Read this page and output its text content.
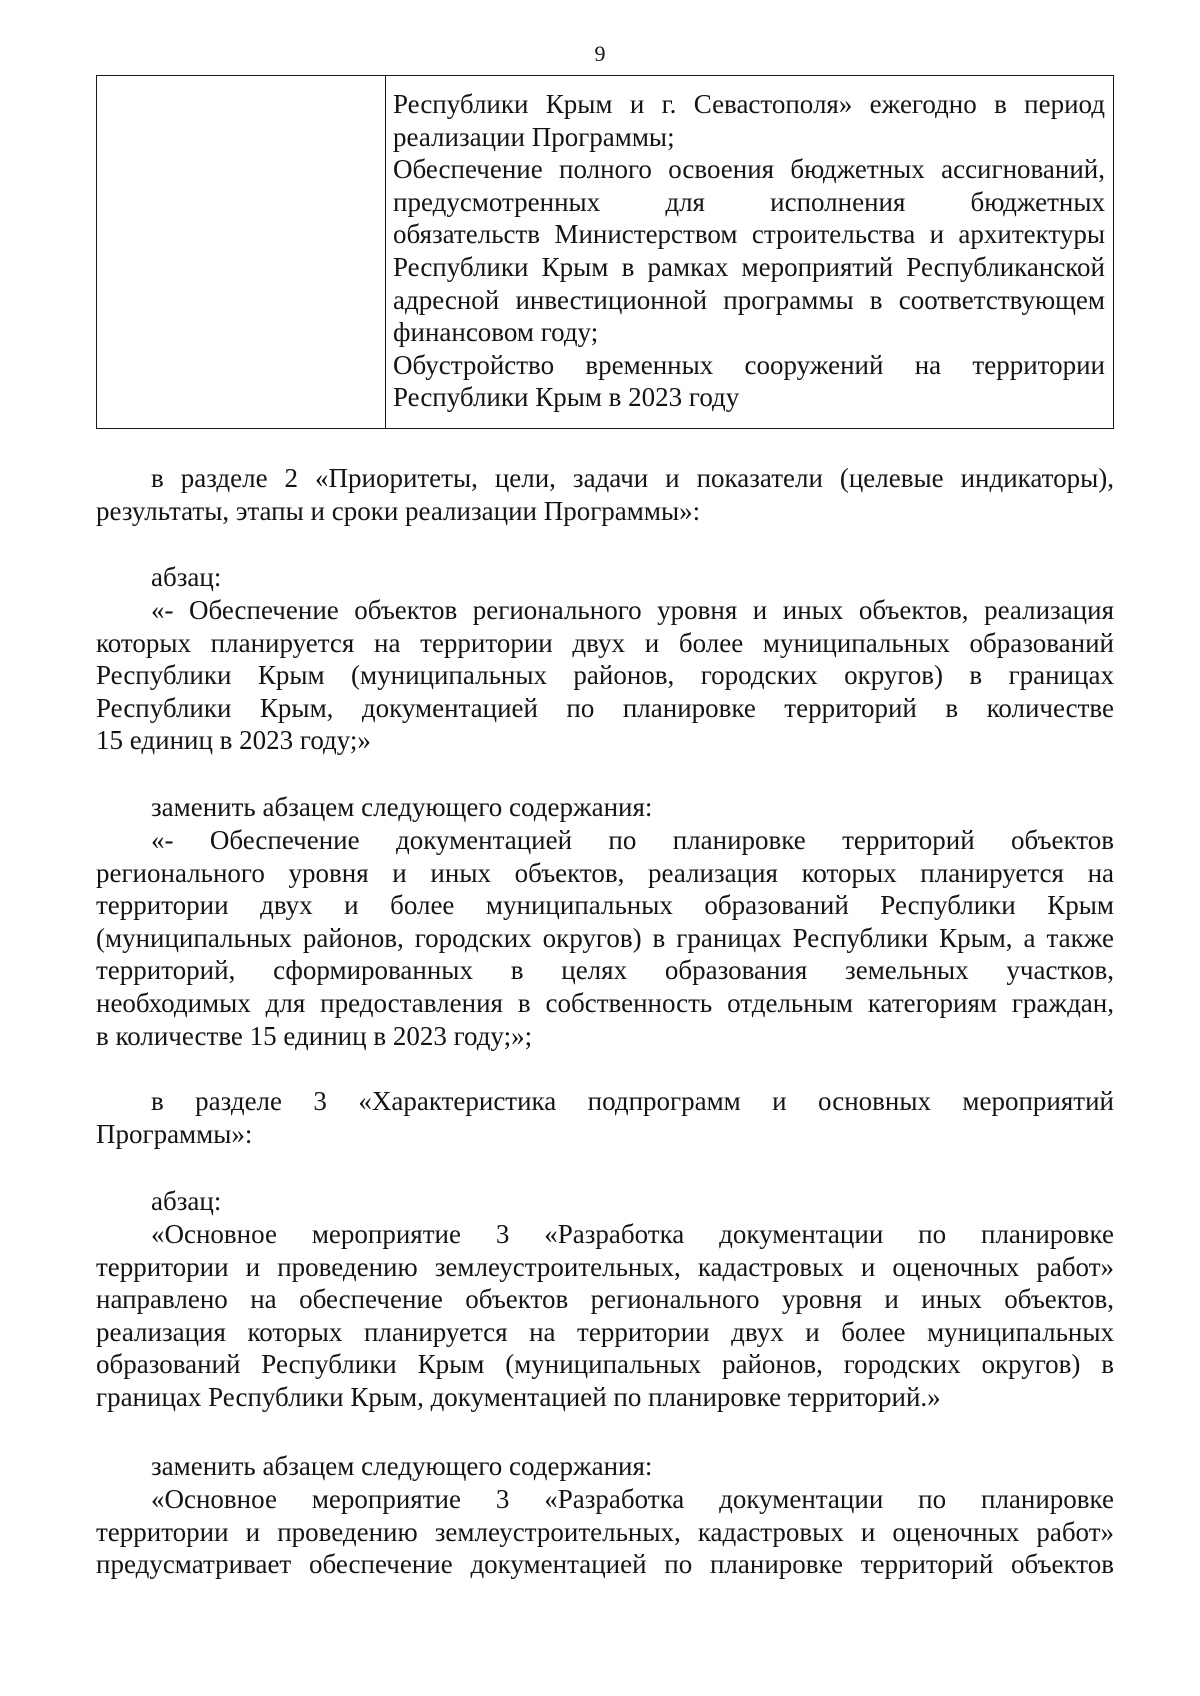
9
Республики Крым и г. Севастополя» ежегодно в период
реализации Программы;
Обеспечение полного освоения бюджетных ассигнований,
предусмотренных для исполнения бюджетных
обязательств Министерством строительства и архитектуры
Республики Крым в рамках мероприятий Республиканской
адресной инвестиционной программы в соответствующем
финансовом году;
Обустройство временных сооружений на территории
Республики Крым в 2023 году
в разделе 2 «Приоритеты, цели, задачи и показатели (целевые индикаторы),
результаты, этапы и сроки реализации Программы»:
абзац:
«- Обеспечение объектов регионального уровня и иных объектов, реализация
которых планируется на территории двух и более муниципальных образований
Республики Крым (муниципальных районов, городских округов) в границах
Республики Крым, документацией по планировке территорий в количестве
15 единиц в 2023 году;»
заменить абзацем следующего содержания:
«- Обеспечение документацией по планировке территорий объектов
регионального уровня и иных объектов, реализация которых планируется на
территории двух и более муниципальных образований Республики Крым
(муниципальных районов, городских округов) в границах Республики Крым, а также
территорий, сформированных в целях образования земельных участков,
необходимых для предоставления в собственность отдельным категориям граждан,
в количестве 15 единиц в 2023 году;»;
в разделе 3 «Характеристика подпрограмм и основных мероприятий
Программы»:
абзац:
«Основное мероприятие 3 «Разработка документации по планировке
территории и проведению землеустроительных, кадастровых и оценочных работ»
направлено на обеспечение объектов регионального уровня и иных объектов,
реализация которых планируется на территории двух и более муниципальных
образований Республики Крым (муниципальных районов, городских округов) в
границах Республики Крым, документацией по планировке территорий.»
заменить абзацем следующего содержания:
«Основное мероприятие 3 «Разработка документации по планировке
территории и проведению землеустроительных, кадастровых и оценочных работ»
предусматривает обеспечение документацией по планировке территорий объектов
